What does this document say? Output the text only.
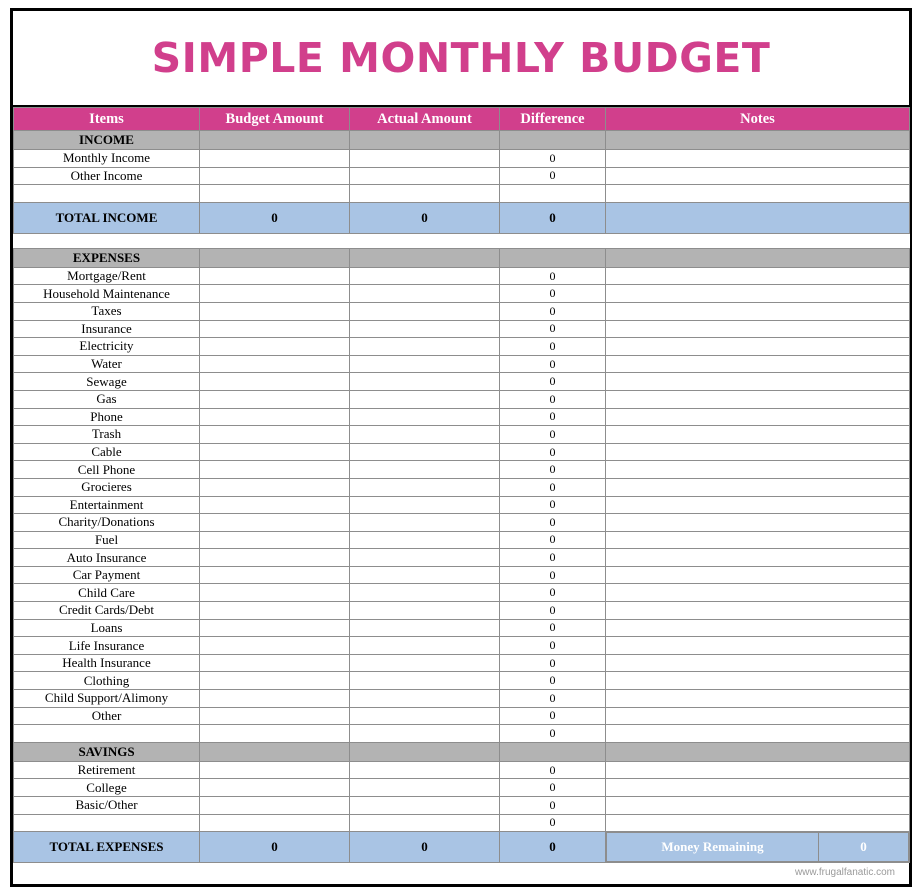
SIMPLE MONTHLY BUDGET
Items	Budget Amount	Actual Amount	Difference	Notes
INCOME				
Monthly Income			0	
Other Income			0	

TOTAL INCOME	0	0	0	

EXPENSES				
Mortgage/Rent			0	
Household Maintenance			0	
Taxes			0	
Insurance			0	
Electricity			0	
Water			0	
Sewage			0	
Gas			0	
Phone			0	
Trash			0	
Cable			0	
Cell Phone			0	
Grocieres			0	
Entertainment			0	
Charity/Donations			0	
Fuel			0	
Auto Insurance			0	
Car Payment			0	
Child Care			0	
Credit Cards/Debt			0	
Loans			0	
Life Insurance			0	
Health Insurance			0	
Clothing			0	
Child Support/Alimony			0	
Other			0	
			0	
SAVINGS				
Retirement			0	
College			0	
Basic/Other			0	
			0	
TOTAL EXPENSES	0	0	0		Money Remaining	0
www.frugalfanatic.com
